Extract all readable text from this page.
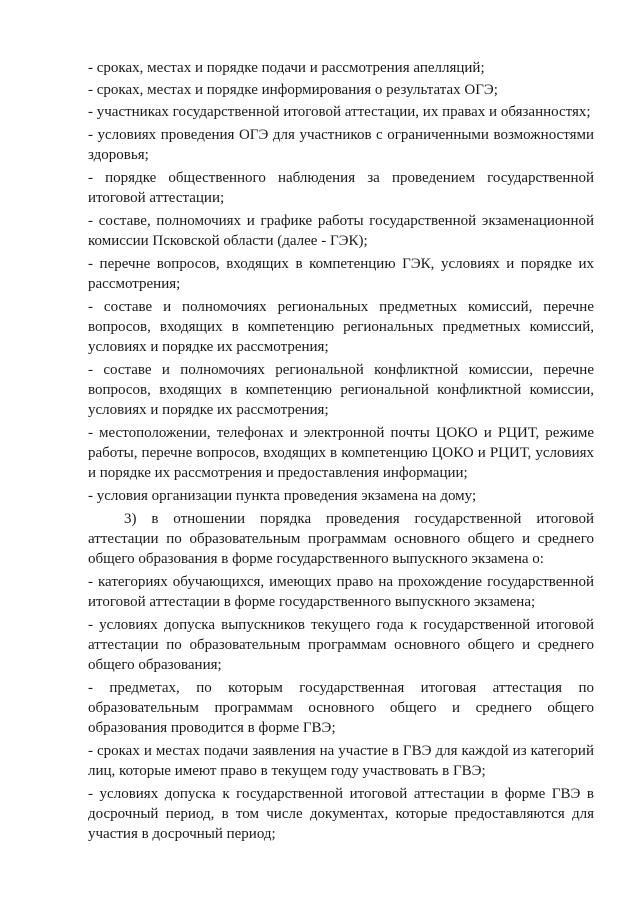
- сроках, местах и порядке подачи и рассмотрения апелляций;

- сроках, местах и порядке информирования о результатах ОГЭ;

- участниках государственной итоговой аттестации, их правах и обязанностях;

- условиях проведения ОГЭ для участников с ограниченными возможностями здоровья;

- порядке общественного наблюдения за проведением государственной итоговой аттестации;

- составе, полномочиях и графике работы государственной экзаменационной комиссии Псковской области (далее - ГЭК);

- перечне вопросов, входящих в компетенцию ГЭК, условиях и порядке их рассмотрения;

- составе и полномочиях региональных предметных комиссий, перечне вопросов, входящих в компетенцию региональных предметных комиссий, условиях и порядке их рассмотрения;

- составе и полномочиях региональной конфликтной комиссии, перечне вопросов, входящих в компетенцию региональной конфликтной комиссии, условиях и порядке их рассмотрения;

- местоположении, телефонах и электронной почты ЦОКО и РЦИТ, режиме работы, перечне вопросов, входящих в компетенцию ЦОКО и РЦИТ, условиях и порядке их рассмотрения и предоставления информации;

- условия организации пункта проведения экзамена на дому;

3) в отношении порядка проведения государственной итоговой аттестации по образовательным программам основного общего и среднего общего образования в форме государственного выпускного экзамена о:

- категориях обучающихся, имеющих право на прохождение государственной итоговой аттестации в форме государственного выпускного экзамена;

- условиях допуска выпускников текущего года к государственной итоговой аттестации по образовательным программам основного общего и среднего общего образования;

- предметах, по которым государственная итоговая аттестация по образовательным программам основного общего и среднего общего образования проводится в форме ГВЭ;

- сроках и местах подачи заявления на участие в ГВЭ для каждой из категорий лиц, которые имеют право в текущем году участвовать в ГВЭ;

- условиях допуска к государственной итоговой аттестации в форме ГВЭ в досрочный период, в том числе документах, которые предоставляются для участия в досрочный период;
